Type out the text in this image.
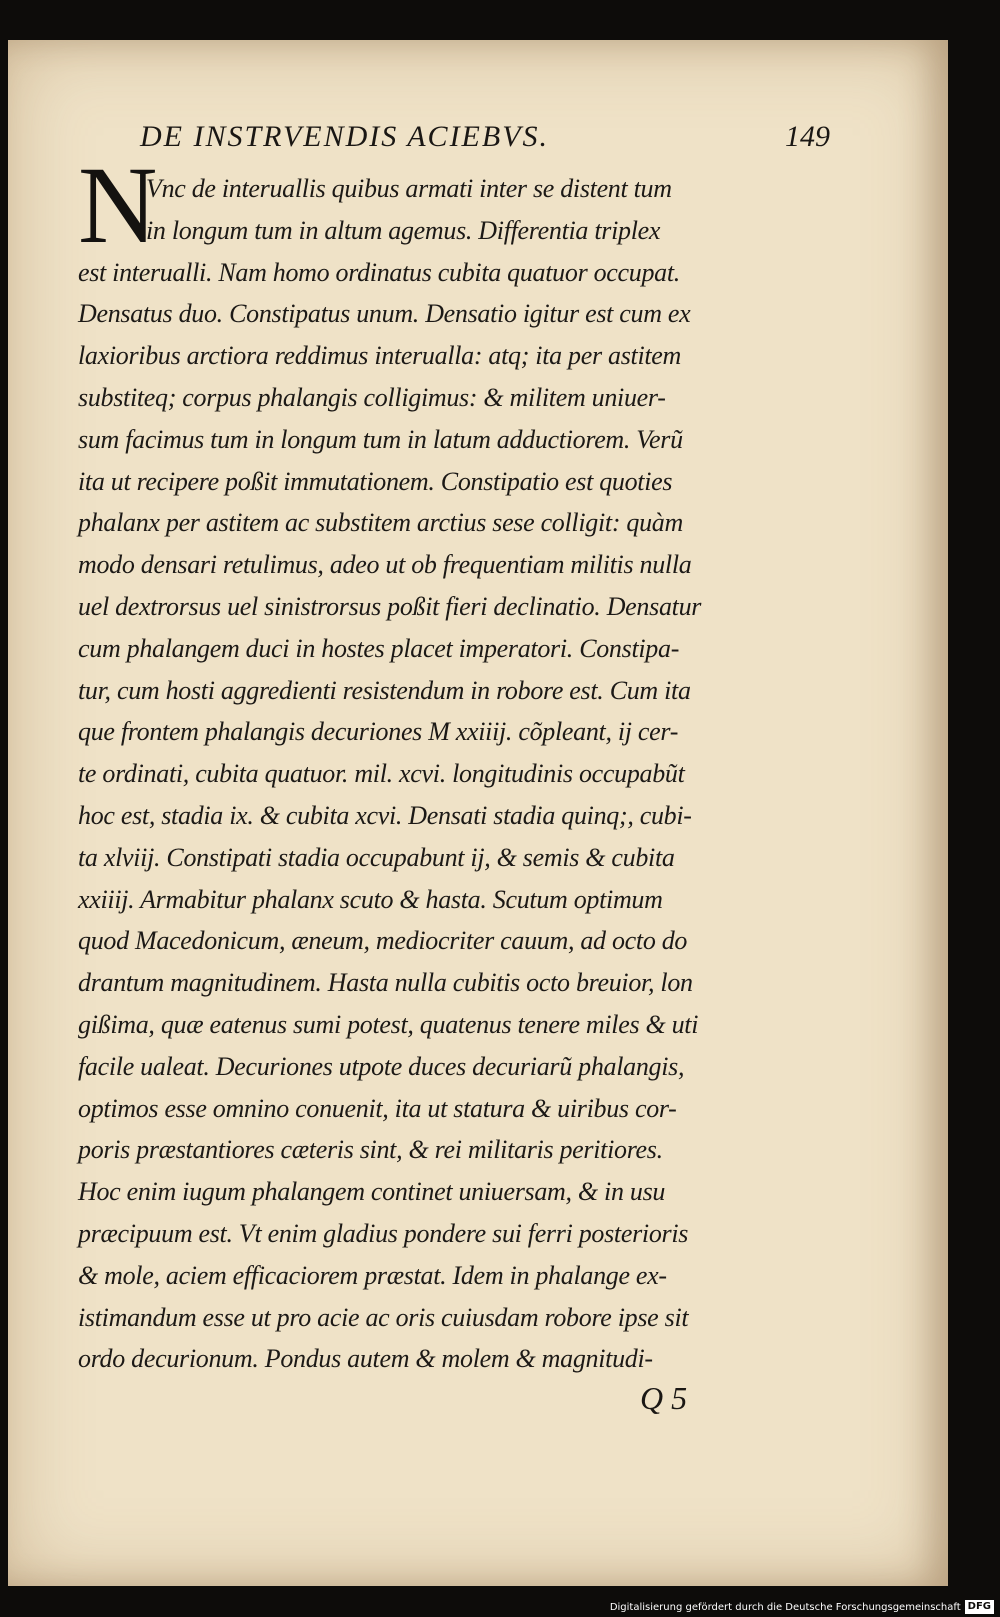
DE INSTRVENDIS ACIEBVS.	149
N
Vnc de interuallis quibus armati inter se distent tum
in longum tum in altum agemus. Differentia triplex
est interualli. Nam homo ordinatus cubita quatuor occupat.
Densatus duo. Constipatus unum. Densatio igitur est cum ex
laxioribus arctiora reddimus interualla: atq; ita per astitem
substiteq; corpus phalangis colligimus: & militem uniuer-
sum facimus tum in longum tum in latum adductiorem. Verũ
ita ut recipere poßit immutationem. Constipatio est quoties
phalanx per astitem ac substitem arctius sese colligit: quàm
modo densari retulimus, adeo ut ob frequentiam militis nulla
uel dextrorsus uel sinistrorsus poßit fieri declinatio. Densatur
cum phalangem duci in hostes placet imperatori. Constipa-
tur, cum hosti aggredienti resistendum in robore est. Cum ita
que frontem phalangis decuriones M xxiiij. cõpleant, ij cer-
te ordinati, cubita quatuor. mil. xcvi. longitudinis occupabũt
hoc est, stadia ix. & cubita xcvi. Densati stadia quinq;, cubi-
ta xlviij. Constipati stadia occupabunt ij, & semis & cubita
xxiiij. Armabitur phalanx scuto & hasta. Scutum optimum
quod Macedonicum, æneum, mediocriter cauum, ad octo do
drantum magnitudinem. Hasta nulla cubitis octo breuior, lon
gißima, quæ eatenus sumi potest, quatenus tenere miles & uti
facile ualeat. Decuriones utpote duces decuriarũ phalangis,
optimos esse omnino conuenit, ita ut statura & uiribus cor-
poris præstantiores cæteris sint, & rei militaris peritiores.
Hoc enim iugum phalangem continet uniuersam, & in usu
præcipuum est. Vt enim gladius pondere sui ferri posterioris
& mole, aciem efficaciorem præstat. Idem in phalange ex-
istimandum esse ut pro acie ac oris cuiusdam robore ipse sit
ordo decurionum. Pondus autem & molem & magnitudi-
Q 5
Digitalisierung gefördert durch die Deutsche Forschungsgemeinschaft DFG
